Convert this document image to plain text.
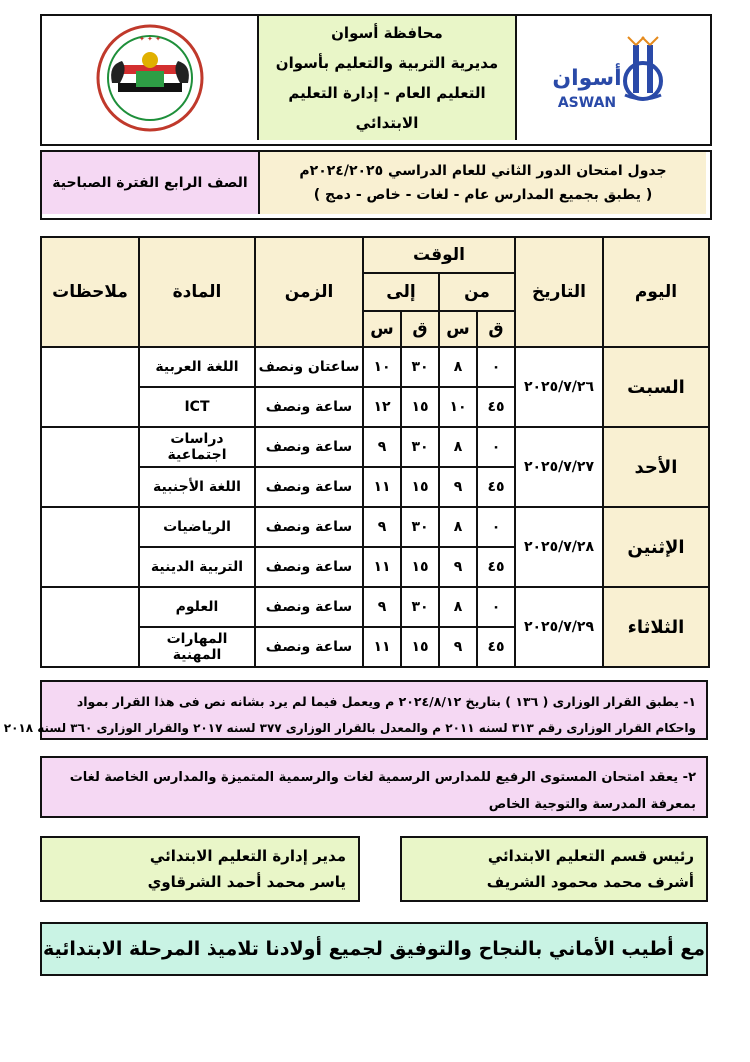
✦ ✦ ✦	محافظة أسوان
مديرية التربية والتعليم بأسوان
التعليم العام - إدارة التعليم الابتدائي
أسوان
ASWAN
الصف الرابع الفترة الصباحية
جدول امتحان الدور الثاني للعام الدراسي ٢٠٢٤/٢٠٢٥م
( يطبق بجميع المدارس عام - لغات - خاص - دمج )
اليوم	التاريخ	الوقت				الزمن	المادة	ملاحظات
		من		إلى				
		ق	س	ق	س			
السبت	٢٠٢٥/٧/٢٦	٠	٨	٣٠	١٠	ساعتان ونصف	اللغة العربية	
		٤٥	١٠	١٥	١٢	ساعة ونصف	ICT	
الأحد	٢٠٢٥/٧/٢٧	٠	٨	٣٠	٩	ساعة ونصف	دراسات اجتماعية	
		٤٥	٩	١٥	١١	ساعة ونصف	اللغة الأجنبية	
الإثنين	٢٠٢٥/٧/٢٨	٠	٨	٣٠	٩	ساعة ونصف	الرياضيات	
		٤٥	٩	١٥	١١	ساعة ونصف	التربية الدينية	
الثلاثاء	٢٠٢٥/٧/٢٩	٠	٨	٣٠	٩	ساعة ونصف	العلوم	
		٤٥	٩	١٥	١١	ساعة ونصف	المهارات المهنية	
١- يطبق القرار الوزارى ( ١٣٦ ) بتاريخ ٢٠٢٤/٨/١٢ م ويعمل فيما لم يرد بشانه نص فى هذا القرار بمواد
واحكام القرار الوزارى رقم ٣١٣ لسنه ٢٠١١ م والمعدل بالقرار الوزارى ٣٧٧ لسنه ٢٠١٧ والقرار الوزارى ٣٦٠ لسنه ٢٠١٨
٢- يعقد امتحان المستوى الرفيع للمدارس الرسمية لغات والرسمية المتميزة والمدارس الخاصة لغات
بمعرفة المدرسة والتوجية الخاص
رئيس قسم التعليم الابتدائي
أشرف محمد محمود الشريف
مدير إدارة التعليم الابتدائي
ياسر محمد أحمد الشرقاوي
مع أطيب الأماني بالنجاح والتوفيق لجميع أولادنا تلاميذ المرحلة الابتدائية
